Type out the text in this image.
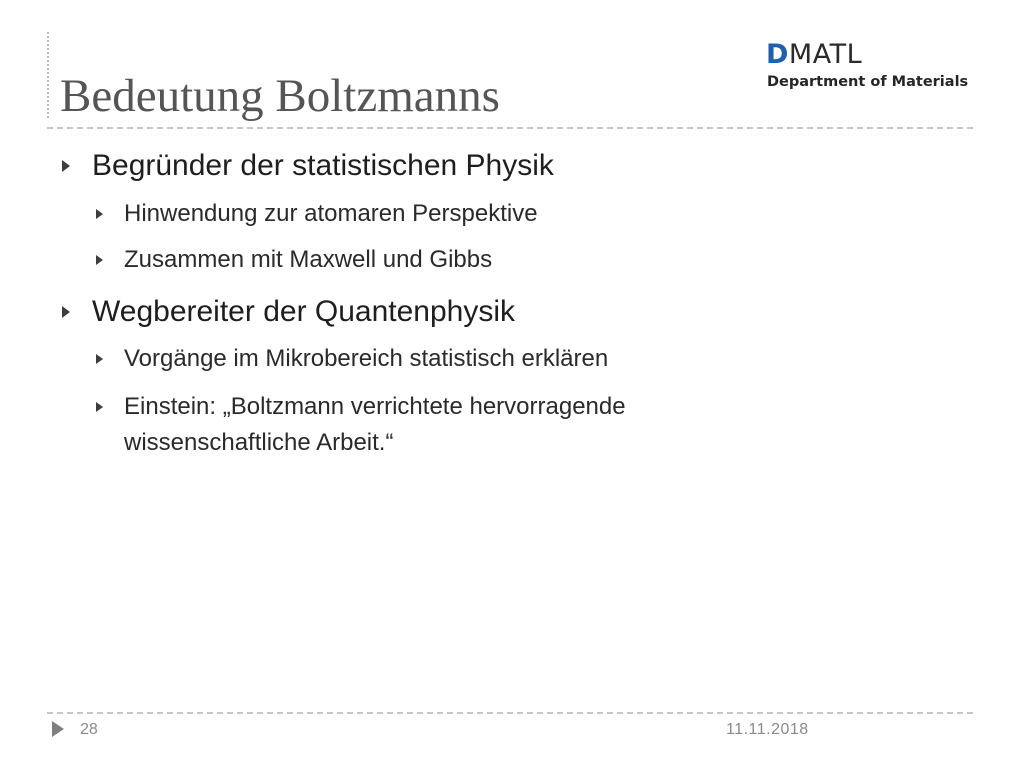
DMATL
Department of Materials
Bedeutung Boltzmanns
Begründer der statistischen Physik
Hinwendung zur atomaren Perspektive
Zusammen mit Maxwell und Gibbs
Wegbereiter der Quantenphysik
Vorgänge im Mikrobereich statistisch erklären
Einstein: „Boltzmann verrichtete hervorragende
wissenschaftliche Arbeit.“
28	11.11.2018
